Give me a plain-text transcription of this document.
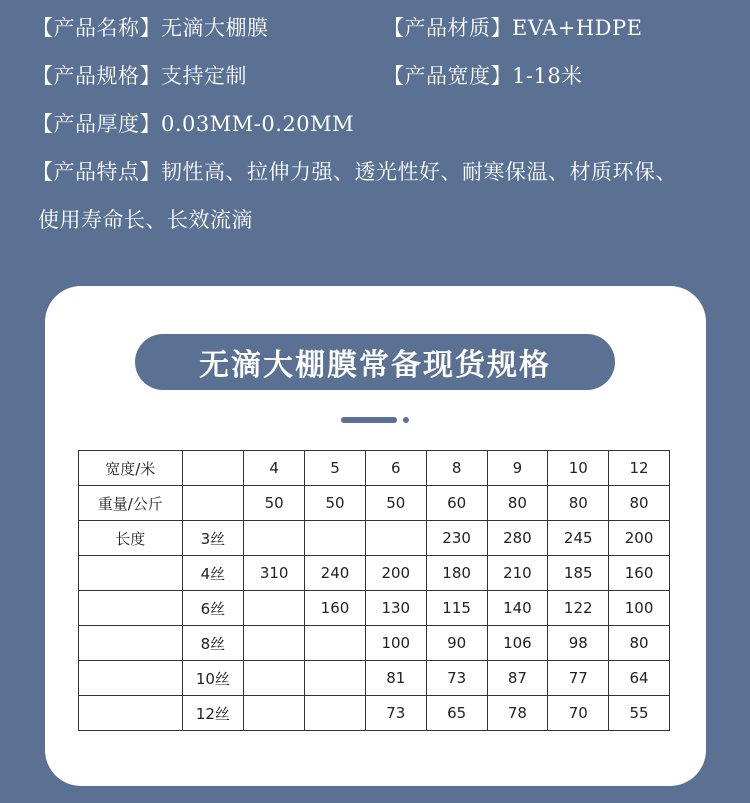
【产品名称】无滴大棚膜	【产品材质】EVA+HDPE
【产品规格】支持定制	【产品宽度】1-18米
【产品厚度】0.03MM-0.20MM
【产品特点】韧性高、拉伸力强、透光性好、耐寒保温、材质环保、
使用寿命长、长效流滴
无滴大棚膜常备现货规格
宽度/米		4	5	6	8	9	10	12
重量/公斤		50	50	50	60	80	80	80
长度	3丝				230	280	245	200
	4丝	310	240	200	180	210	185	160
	6丝		160	130	115	140	122	100
	8丝			100	90	106	98	80
	10丝			81	73	87	77	64
	12丝			73	65	78	70	55
